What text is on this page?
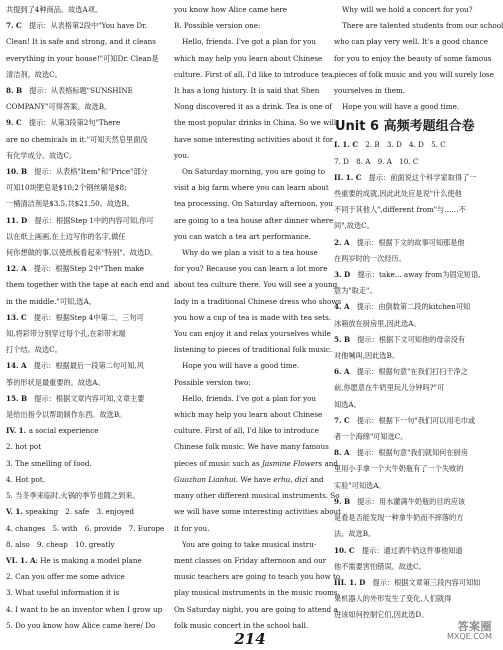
共提到了4种商品。故选A项。
7. C　提示：从表格第2段中"You have Dr.
Clean! It is safe and strong, and it cleans
everything in your house!"可知Dr. Clean是
清洁剂。故选C。
8. B　提示：从表格标题"SUNSHINE
COMPANY"可得答案。故选B。
9. C　提示：从第3段第2句"There
are no chemicals in it."可知天然皂里面没
有化学成分。故选C。
10. B　提示：从表格"Item"和"Price"部分
可知10块肥皂是$10;2个钢丝刷是$8;
一桶清洁剂是$3.5,共$21.50。故选B。
11. D　提示：根据Step 1中的内容可知,你可
以在纸上画画,在上边写你的名字,做任
何你想做的事,以使纸板看起来"特别"。故选D。
12. A　提示：根据Step 2中"Then make
them together with the tape at each end and
in the middle."可知,选A。
13. C　提示：根据Step 4中第二、三句可
知,将彩带分别穿过每个孔,在彩带末端
打个结。故选C。
14. A　提示：根据最后一段第二句可知,风
筝的形状是最重要的。故选A。
15. B　提示：根据文章内容可知,文章主要
是给出指令以帮助制作东西。故选B。
IV. 1. a social experience
2. hot pot
3. The smelling of food.
4. Hot pot.
5. 当冬季来临时,火锅的季节也随之到来。
V. 1. speaking　2. safe　3. enjoyed
4. changes　5. with　6. provide　7. Europe
8. also　9. cheap　10. greatly
VI. 1. A: He is making a model plane
2. Can you offer me some advice
3. What useful information it is
4. I want to be an inventor when I grow up
5. Do you know how Alice came here/ Do
you know how Alice came here
B. Possible version one:
Hello, friends. I've got a plan for you
which may help you learn about Chinese
culture. First of all, I'd like to introduce tea.
It has a long history. It is said that Shen
Nong discovered it as a drink. Tea is one of
the most popular drinks in China. So we will
have some interesting activities about it for
you.
On Saturday morning, you are going to
visit a big farm where you can learn about
tea processing. On Saturday afternoon, you
are going to a tea house after dinner where
you can watch a tea art performance.
Why do we plan a visit to a tea house
for you? Because you can learn a lot more
about tea culture there. You will see a young
lady in a traditional Chinese dress who shows
you how a cup of tea is made with tea sets.
You can enjoy it and relax yourselves while
listening to pieces of traditional folk music.
Hope you will have a good time.
Possible version two:
Hello, friends. I've got a plan for you
which may help you learn about Chinese
culture. First of all, I'd like to introduce
Chinese folk music. We have many famous
pieces of music such as Jasmine Flowers and
Guozhan Lianhui. We have erhu, dizi and
many other different musical instruments. So
we will have some interesting activities about
it for you.
You are going to take musical instru-
ment classes on Friday afternoon and our
music teachers are going to teach you how to
play musical instruments in the music rooms.
On Saturday night, you are going to attend a
folk music concert in the school hall.
Why will we hold a concert for you?
There are talented students from our school
who can play very well. It's a good chance
for you to enjoy the beauty of some famous
pieces of folk music and you will surely lose
yourselves in them.
Hope you will have a good time.
Unit 6 高频考题组合卷
I. 1. C　2. B　3. D　4. D　5. C
7. D　8. A　9. A　10. C
II. 1. C　提示：前面说这个科学家取得了一
些重要的成就,因此此处应是说"什么使他
不同于其他人",different from"与……不
同",故选C。
2. A　提示：根据下文的故事可知那是他
在两岁时的一次经历。
3. D　提示：take... away from为固定短语,
意为"取走"。
4. A　提示：由倒数第二段的kitchen可知
冰箱放在厨房里,因此选A。
5. B　提示：根据下文可知他的母亲没有
对他喊叫,因此选B。
6. A　提示：根据句意"在我们打扫干净之
前,你愿意在牛奶里玩儿分钟吗?"可
知选A。
7. C　提示：根据下一句"我们可以用毛巾或
者一个海绵"可知选C。
8. A　提示：根据句意"我们就知何在厨房
里用小手拿一个大牛奶瓶有了一个失败的
实验"可知选A。
9. B　提示：用水灌满牛奶瓶的目的应该
是看是否能发现一种拿牛奶而不摔落的方
法。故选B。
10. C　提示：通过洒牛奶这件事他知道
他不需要害怕错误。故选C。
III. 1. D　提示：根据文章第三段内容可知如
果机器人的外形发生了变化,人们就得
进该如何控制它们,因此选D。
214
答案圈
MXQE.COM
